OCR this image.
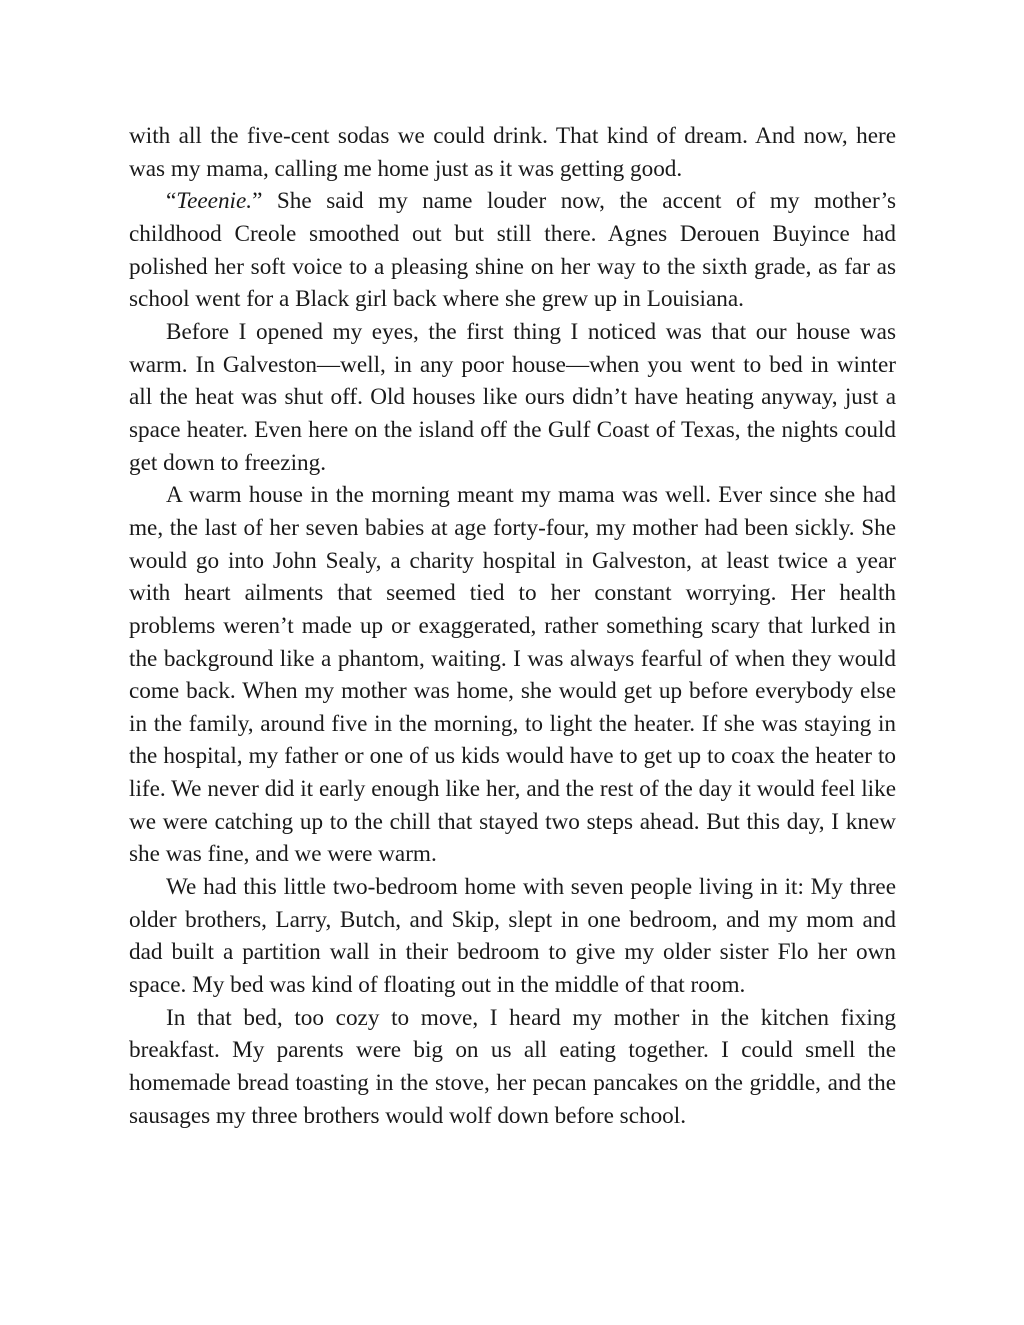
with all the five-cent sodas we could drink. That kind of dream. And now, here was my mama, calling me home just as it was getting good.

“Teeenie.” She said my name louder now, the accent of my mother’s childhood Creole smoothed out but still there. Agnes Derouen Buyince had polished her soft voice to a pleasing shine on her way to the sixth grade, as far as school went for a Black girl back where she grew up in Louisiana.

Before I opened my eyes, the first thing I noticed was that our house was warm. In Galveston—well, in any poor house—when you went to bed in winter all the heat was shut off. Old houses like ours didn’t have heating anyway, just a space heater. Even here on the island off the Gulf Coast of Texas, the nights could get down to freezing.

A warm house in the morning meant my mama was well. Ever since she had me, the last of her seven babies at age forty-four, my mother had been sickly. She would go into John Sealy, a charity hospital in Galveston, at least twice a year with heart ailments that seemed tied to her constant worrying. Her health problems weren’t made up or exaggerated, rather something scary that lurked in the background like a phantom, waiting. I was always fearful of when they would come back. When my mother was home, she would get up before everybody else in the family, around five in the morning, to light the heater. If she was staying in the hospital, my father or one of us kids would have to get up to coax the heater to life. We never did it early enough like her, and the rest of the day it would feel like we were catching up to the chill that stayed two steps ahead. But this day, I knew she was fine, and we were warm.

We had this little two-bedroom home with seven people living in it: My three older brothers, Larry, Butch, and Skip, slept in one bedroom, and my mom and dad built a partition wall in their bedroom to give my older sister Flo her own space. My bed was kind of floating out in the middle of that room.

In that bed, too cozy to move, I heard my mother in the kitchen fixing breakfast. My parents were big on us all eating together. I could smell the homemade bread toasting in the stove, her pecan pancakes on the griddle, and the sausages my three brothers would wolf down before school.
